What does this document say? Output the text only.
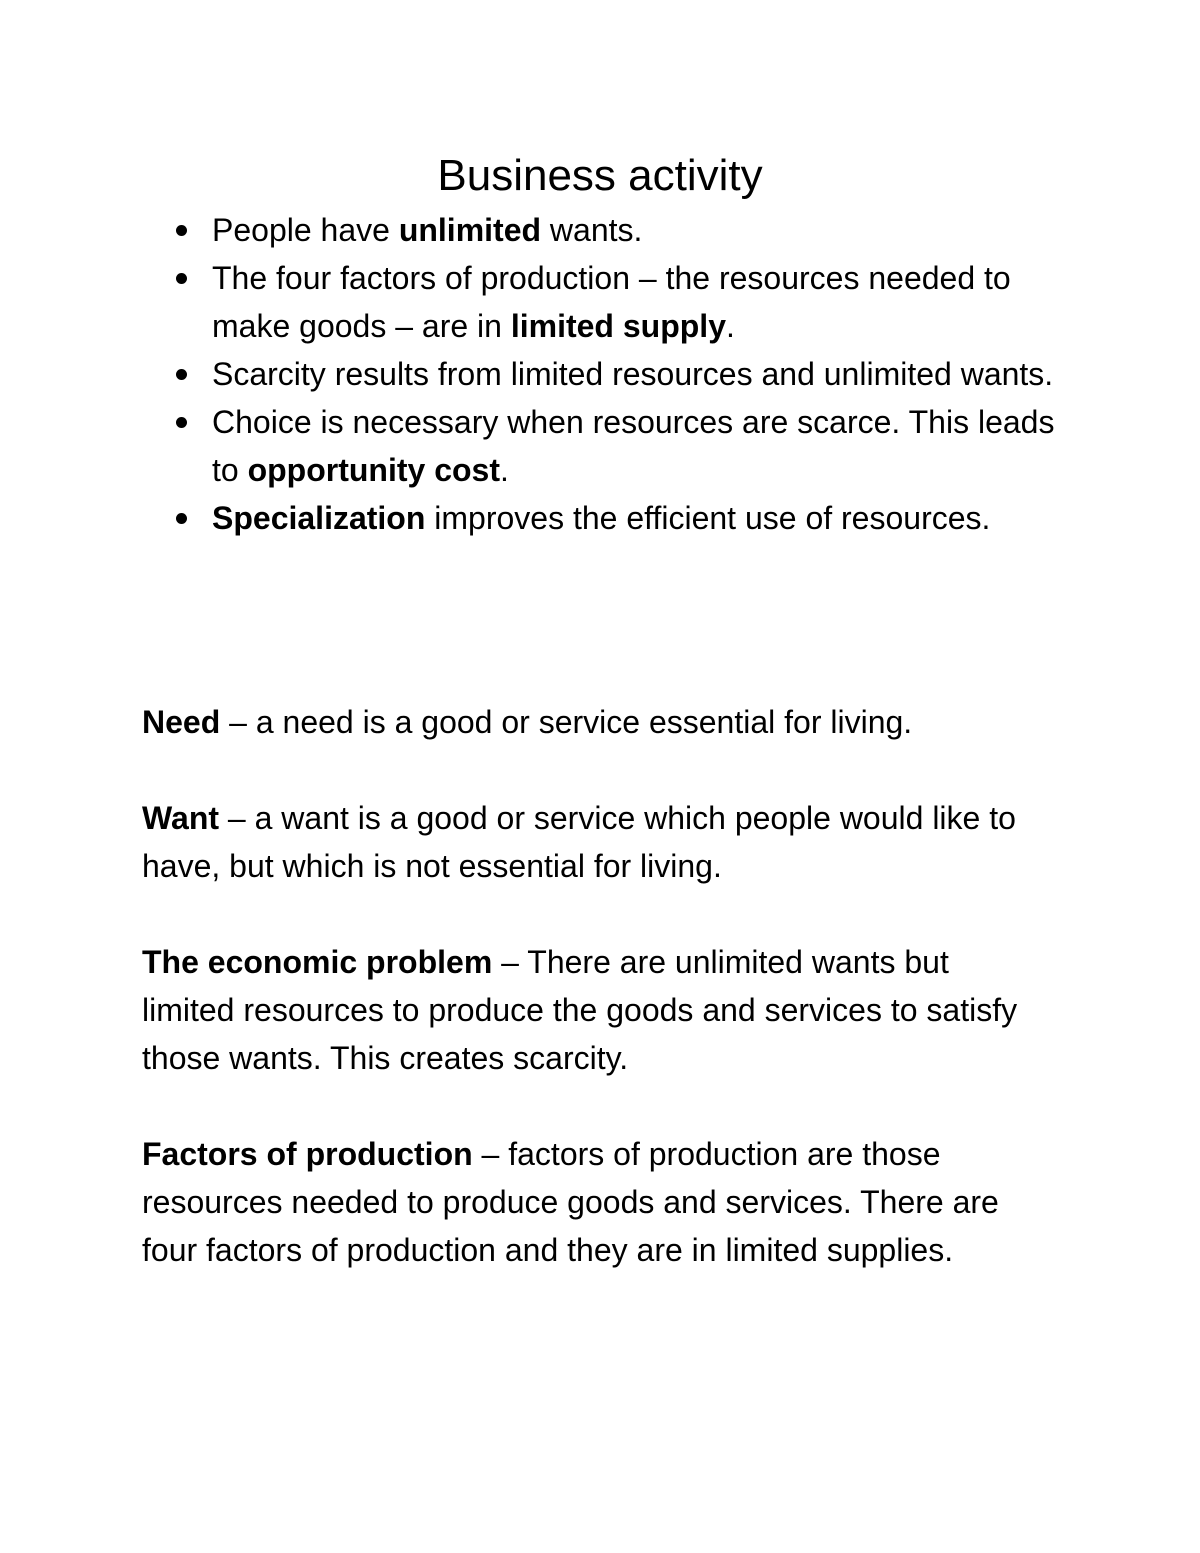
Business activity
People have unlimited wants.
The four factors of production – the resources needed to make goods – are in limited supply.
Scarcity results from limited resources and unlimited wants.
Choice is necessary when resources are scarce. This leads to opportunity cost.
Specialization improves the efficient use of resources.

Need – a need is a good or service essential for living.

Want – a want is a good or service which people would like to have, but which is not essential for living.

The economic problem – There are unlimited wants but limited resources to produce the goods and services to satisfy those wants. This creates scarcity.

Factors of production – factors of production are those resources needed to produce goods and services. There are four factors of production and they are in limited supplies.
